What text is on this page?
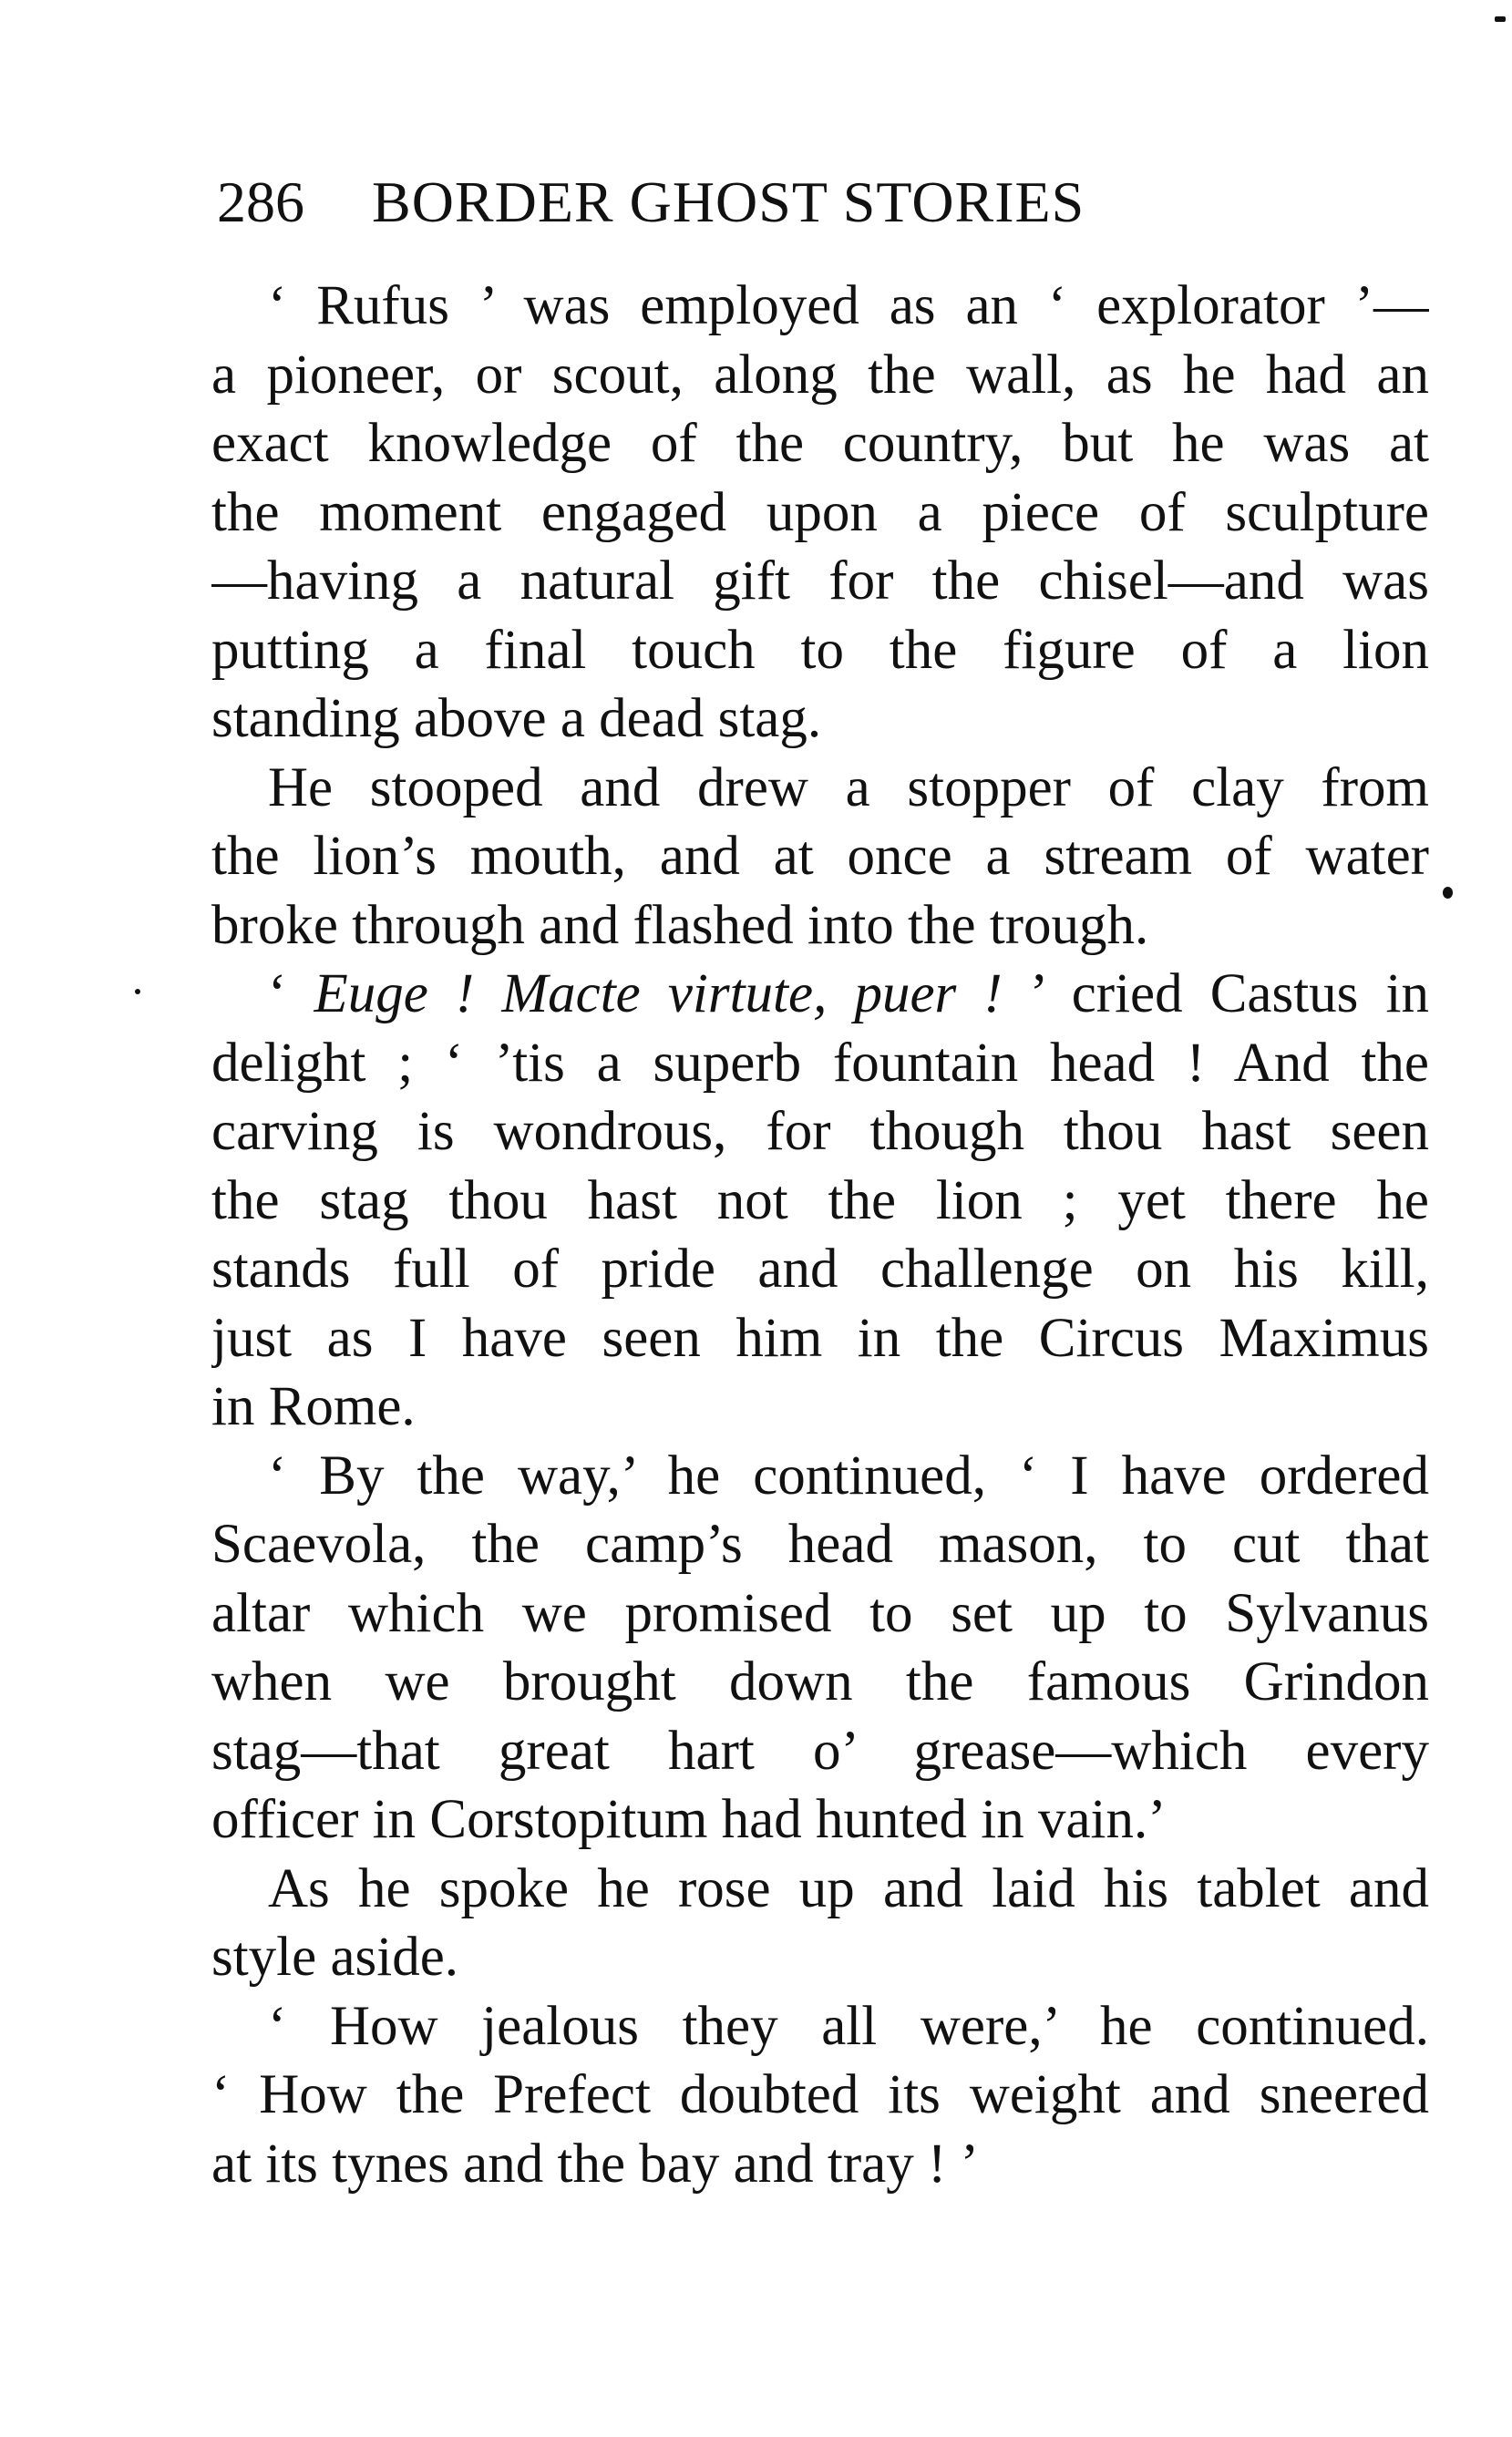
286 BORDER GHOST STORIES
‘ Rufus ’ was employed as an ‘ explorator ’—
a pioneer, or scout, along the wall, as he had an
exact knowledge of the country, but he was at
the moment engaged upon a piece of sculpture
—having a natural gift for the chisel—and was
putting a final touch to the figure of a lion
standing above a dead stag.
He stooped and drew a stopper of clay from
the lion’s mouth, and at once a stream of water
broke through and flashed into the trough.
‘ Euge ! Macte virtute, puer ! ’ cried Castus in
delight ; ‘ ’tis a superb fountain head ! And the
carving is wondrous, for though thou hast seen
the stag thou hast not the lion ; yet there he
stands full of pride and challenge on his kill,
just as I have seen him in the Circus Maximus
in Rome.
‘ By the way,’ he continued, ‘ I have ordered
Scaevola, the camp’s head mason, to cut that
altar which we promised to set up to Sylvanus
when we brought down the famous Grindon
stag—that great hart o’ grease—which every
officer in Corstopitum had hunted in vain.’
As he spoke he rose up and laid his tablet and
style aside.
‘ How jealous they all were,’ he continued.
‘ How the Prefect doubted its weight and sneered
at its tynes and the bay and tray ! ’
